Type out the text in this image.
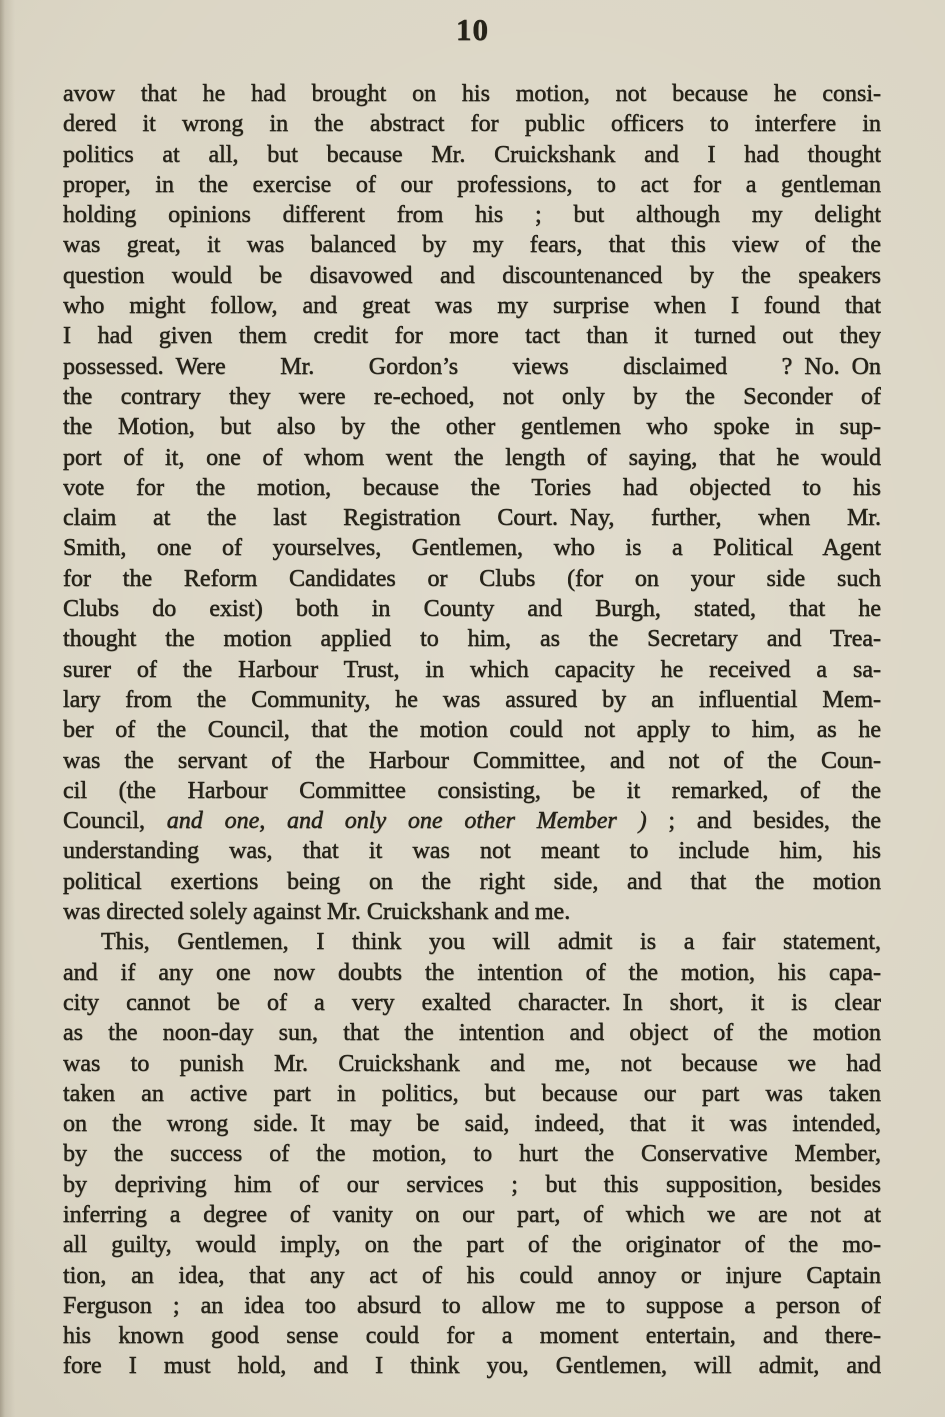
10
avow that he had brought on his motion, not because he consi-
dered it wrong in the abstract for public officers to interfere in
politics at all, but because Mr. Cruickshank and I had thought
proper, in the exercise of our professions, to act for a gentleman
holding opinions different from his ; but although my delight
was great, it was balanced by my fears, that this view of the
question would be disavowed and discountenanced by the speakers
who might follow, and great was my surprise when I found that
I had given them credit for more tact than it turned out they
possessed. Were Mr. Gordon’s views disclaimed ? No. On
the contrary they were re-echoed, not only by the Seconder of
the Motion, but also by the other gentlemen who spoke in sup-
port of it, one of whom went the length of saying, that he would
vote for the motion, because the Tories had objected to his
claim at the last Registration Court. Nay, further, when Mr.
Smith, one of yourselves, Gentlemen, who is a Political Agent
for the Reform Candidates or Clubs (for on your side such
Clubs do exist) both in County and Burgh, stated, that he
thought the motion applied to him, as the Secretary and Trea-
surer of the Harbour Trust, in which capacity he received a sa-
lary from the Community, he was assured by an influential Mem-
ber of the Council, that the motion could not apply to him, as he
was the servant of the Harbour Committee, and not of the Coun-
cil (the Harbour Committee consisting, be it remarked, of the
Council, and one, and only one other Member ) ; and besides, the
understanding was, that it was not meant to include him, his
political exertions being on the right side, and that the motion
was directed solely against Mr. Cruickshank and me.
This, Gentlemen, I think you will admit is a fair statement,
and if any one now doubts the intention of the motion, his capa-
city cannot be of a very exalted character. In short, it is clear
as the noon-day sun, that the intention and object of the motion
was to punish Mr. Cruickshank and me, not because we had
taken an active part in politics, but because our part was taken
on the wrong side. It may be said, indeed, that it was intended,
by the success of the motion, to hurt the Conservative Member,
by depriving him of our services ; but this supposition, besides
inferring a degree of vanity on our part, of which we are not at
all guilty, would imply, on the part of the originator of the mo-
tion, an idea, that any act of his could annoy or injure Captain
Ferguson ; an idea too absurd to allow me to suppose a person of
his known good sense could for a moment entertain, and there-
fore I must hold, and I think you, Gentlemen, will admit, and
